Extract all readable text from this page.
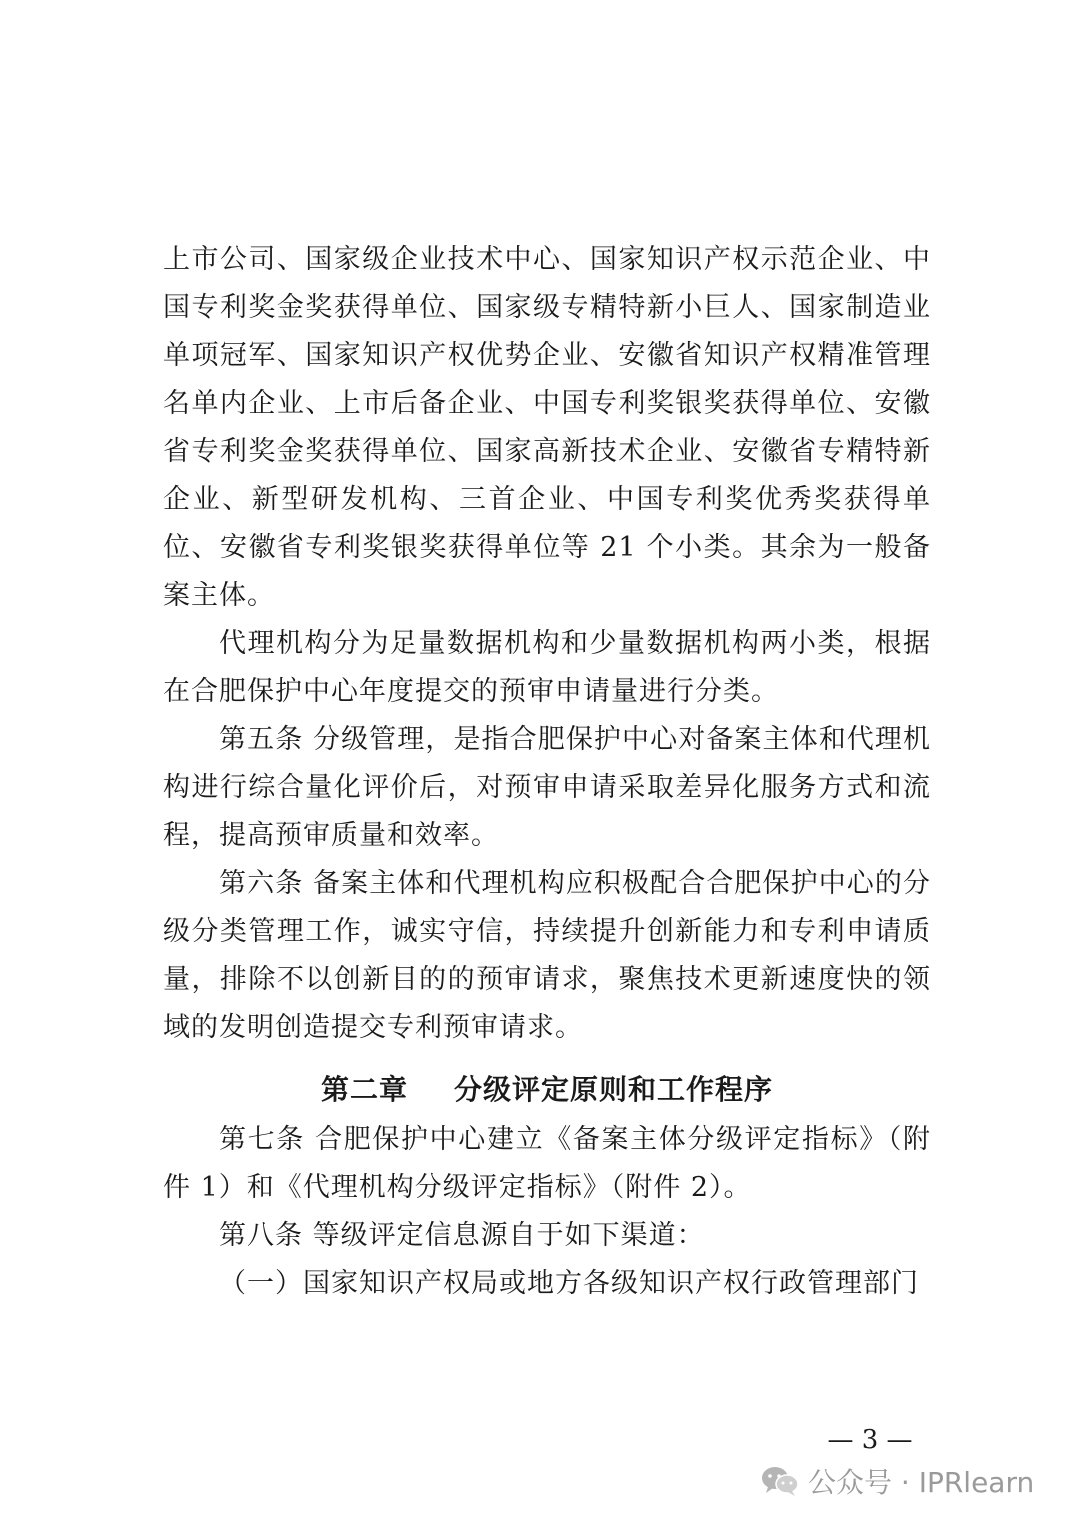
上市公司、国家级企业技术中心、国家知识产权示范企业、中国专利奖金奖获得单位、国家级专精特新小巨人、国家制造业单项冠军、国家知识产权优势企业、安徽省知识产权精准管理名单内企业、上市后备企业、中国专利奖银奖获得单位、安徽省专利奖金奖获得单位、国家高新技术企业、安徽省专精特新企业、新型研发机构、三首企业、中国专利奖优秀奖获得单位、安徽省专利奖银奖获得单位等 21 个小类。其余为一般备案主体。

代理机构分为足量数据机构和少量数据机构两小类，根据在合肥保护中心年度提交的预审申请量进行分类。

第五条 分级管理，是指合肥保护中心对备案主体和代理机构进行综合量化评价后，对预审申请采取差异化服务方式和流程，提高预审质量和效率。

第六条 备案主体和代理机构应积极配合合肥保护中心的分级分类管理工作，诚实守信，持续提升创新能力和专利申请质量，排除不以创新目的的预审请求，聚焦技术更新速度快的领域的发明创造提交专利预审请求。

第二章 分级评定原则和工作程序

第七条 合肥保护中心建立《备案主体分级评定指标》（附件 1）和《代理机构分级评定指标》（附件 2）。

第八条 等级评定信息源自于如下渠道：

（一）国家知识产权局或地方各级知识产权行政管理部门

— 3 —
公众号 · IPRlearn
